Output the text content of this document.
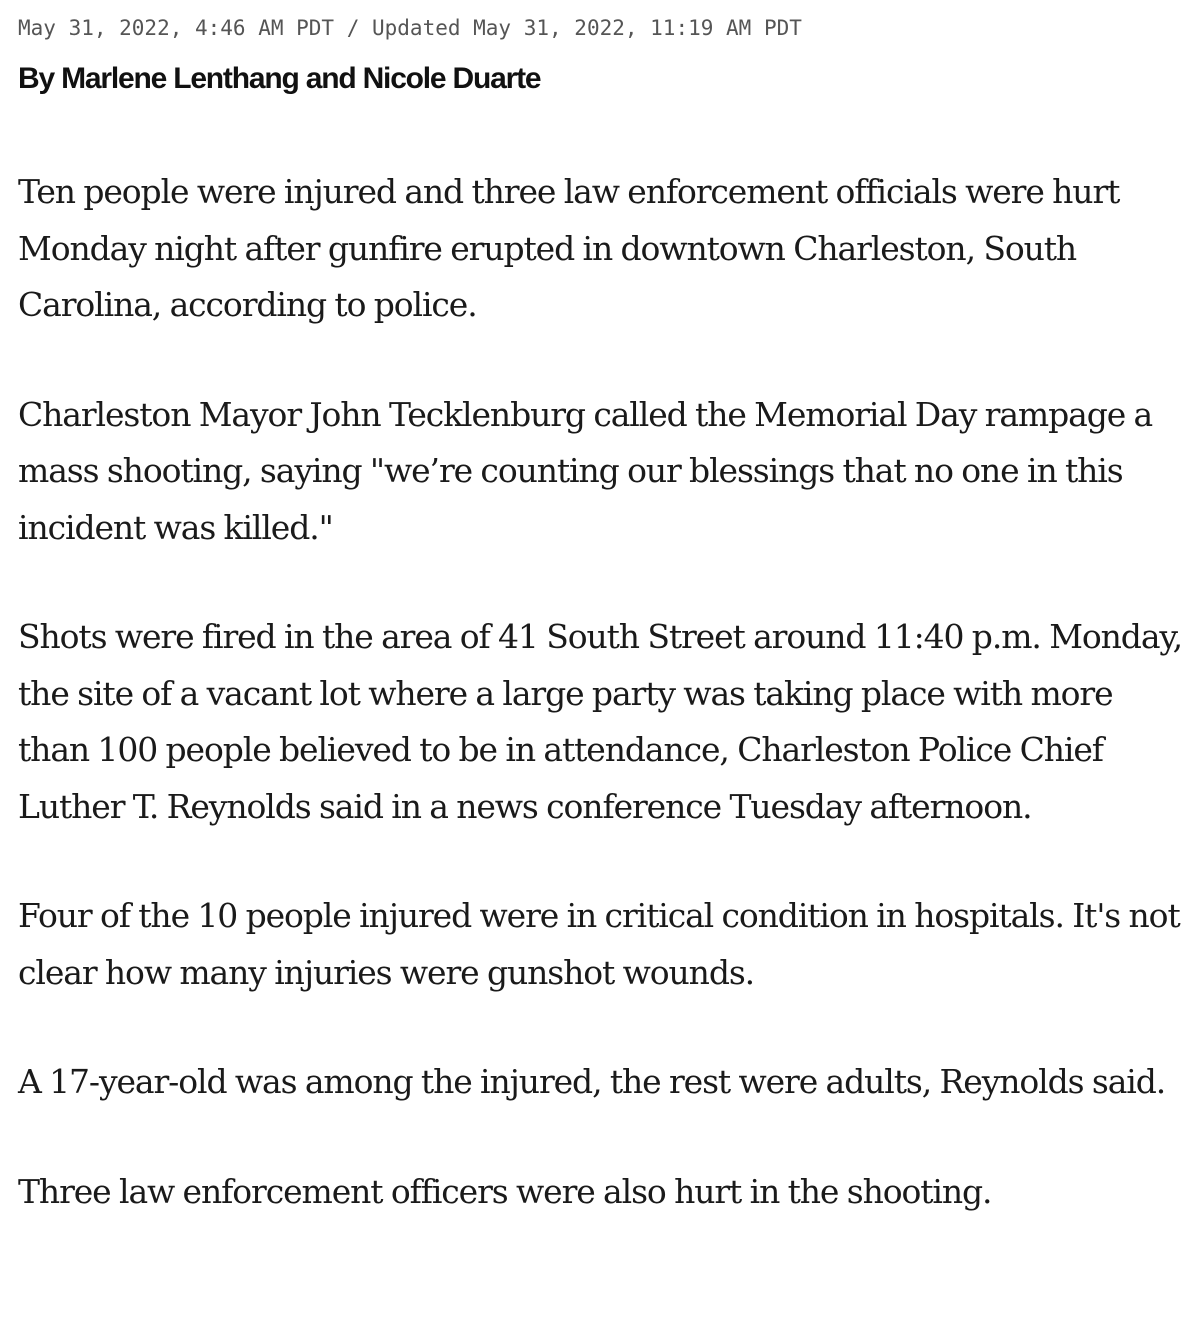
May 31, 2022, 4:46 AM PDT / Updated May 31, 2022, 11:19 AM PDT
By Marlene Lenthang and Nicole Duarte

Ten people were injured and three law enforcement officials were hurt Monday night after gunfire erupted in downtown Charleston, South Carolina, according to police.

Charleston Mayor John Tecklenburg called the Memorial Day rampage a mass shooting, saying "we’re counting our blessings that no one in this incident was killed."

Shots were fired in the area of 41 South Street around 11:40 p.m. Monday, the site of a vacant lot where a large party was taking place with more than 100 people believed to be in attendance, Charleston Police Chief Luther T. Reynolds said in a news conference Tuesday afternoon.

Four of the 10 people injured were in critical condition in hospitals. It's not clear how many injuries were gunshot wounds.

A 17-year-old was among the injured, the rest were adults, Reynolds said.

Three law enforcement officers were also hurt in the shooting.
